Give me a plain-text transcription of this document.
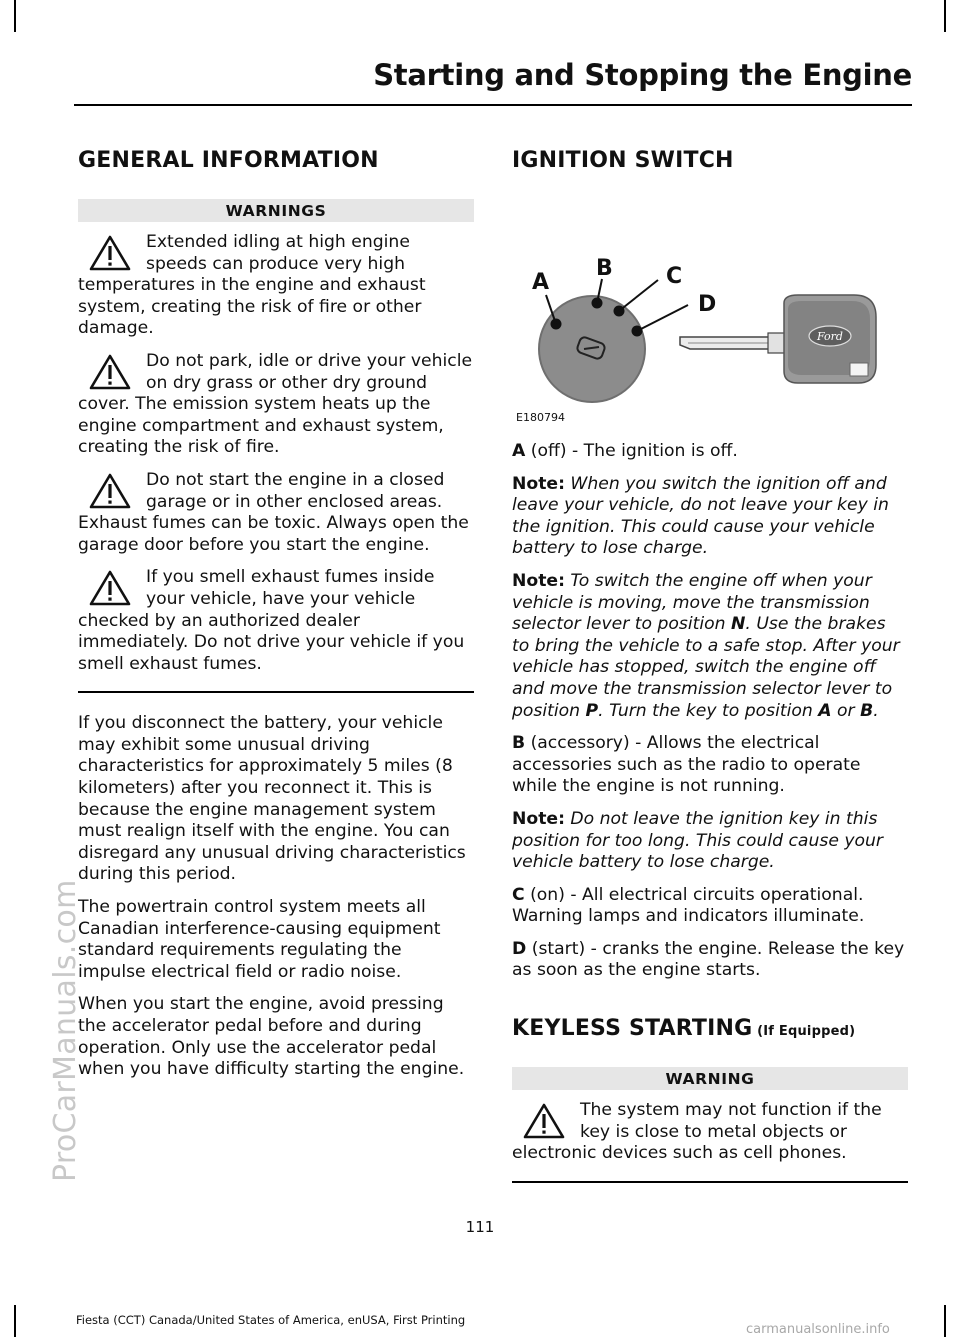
Starting and Stopping the Engine
ProCarManuals.com
GENERAL INFORMATION
WARNINGS
Extended idling at high engine speeds can produce very high temperatures in the engine and exhaust system, creating the risk of fire or other damage.
Do not park, idle or drive your vehicle on dry grass or other dry ground cover. The emission system heats up the engine compartment and exhaust system, creating the risk of fire.
Do not start the engine in a closed garage or in other enclosed areas. Exhaust fumes can be toxic. Always open the garage door before you start the engine.
If you smell exhaust fumes inside your vehicle, have your vehicle checked by an authorized dealer immediately. Do not drive your vehicle if you smell exhaust fumes.

If you disconnect the battery, your vehicle may exhibit some unusual driving characteristics for approximately 5 miles (8 kilometers) after you reconnect it. This is because the engine management system must realign itself with the engine. You can disregard any unusual driving characteristics during this period.

The powertrain control system meets all Canadian interference-causing equipment standard requirements regulating the impulse electrical field or radio noise.

When you start the engine, avoid pressing the accelerator pedal before and during operation. Only use the accelerator pedal when you have difficulty starting the engine.

IGNITION SWITCH
Ford
A
B C
D
E180794

A (off) - The ignition is off.

Note: When you switch the ignition off and leave your vehicle, do not leave your key in the ignition. This could cause your vehicle battery to lose charge.

Note: To switch the engine off when your vehicle is moving, move the transmission selector lever to position N. Use the brakes to bring the vehicle to a safe stop. After your vehicle has stopped, switch the engine off and move the transmission selector lever to position P. Turn the key to position A or B.

B (accessory) - Allows the electrical accessories such as the radio to operate while the engine is not running.

Note: Do not leave the ignition key in this position for too long. This could cause your vehicle battery to lose charge.

C (on) - All electrical circuits operational. Warning lamps and indicators illuminate.

D (start) - cranks the engine. Release the key as soon as the engine starts.

KEYLESS STARTING (If Equipped)
WARNING
The system may not function if the key is close to metal objects or electronic devices such as cell phones.
111
Fiesta (CCT) Canada/United States of America, enUSA, First Printing
carmanualsonline.info
